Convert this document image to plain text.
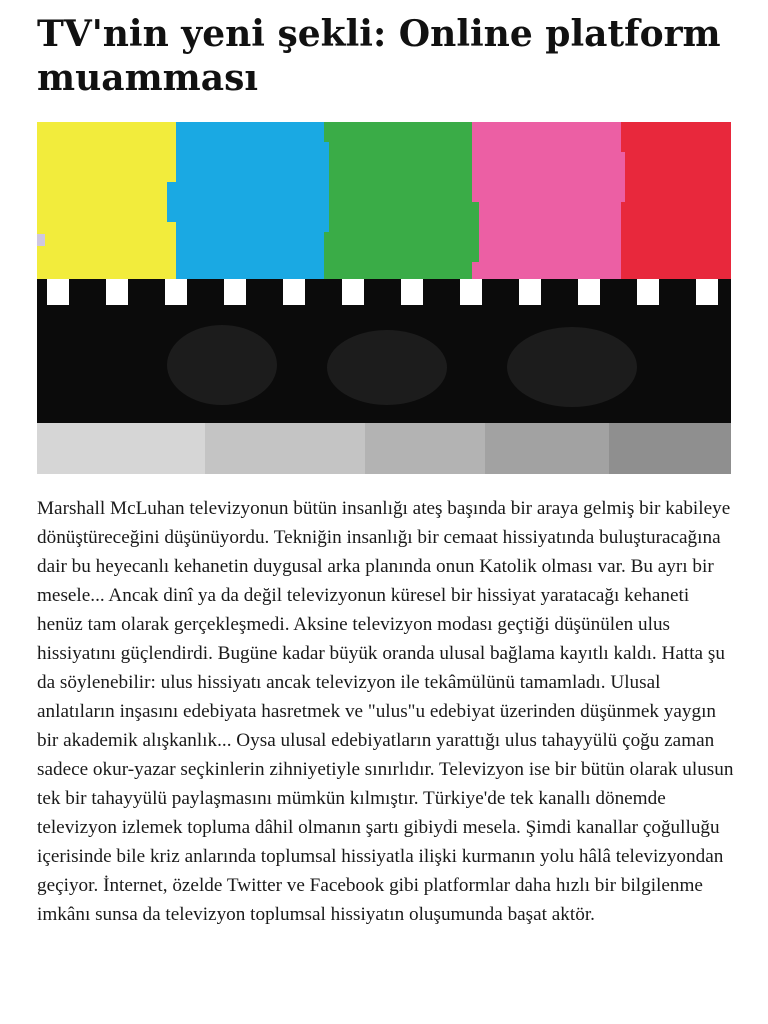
TV'nin yeni şekli: Online platform muamması

Marshall McLuhan televizyonun bütün insanlığı ateş başında bir araya gelmiş bir kabileye dönüştüreceğini düşünüyordu. Tekniğin insanlığı bir cemaat hissiyatında buluşturacağına dair bu heyecanlı kehanetin duygusal arka planında onun Katolik olması var. Bu ayrı bir mesele... Ancak dinî ya da değil televizyonun küresel bir hissiyat yaratacağı kehaneti henüz tam olarak gerçekleşmedi. Aksine televizyon modası geçtiği düşünülen ulus hissiyatını güçlendirdi. Bugüne kadar büyük oranda ulusal bağlama kayıtlı kaldı. Hatta şu da söylenebilir: ulus hissiyatı ancak televizyon ile tekâmülünü tamamladı. Ulusal anlatıların inşasını edebiyata hasretmek ve "ulus"u edebiyat üzerinden düşünmek yaygın bir akademik alışkanlık... Oysa ulusal edebiyatların yarattığı ulus tahayyülü çoğu zaman sadece okur-yazar seçkinlerin zihniyetiyle sınırlıdır. Televizyon ise bir bütün olarak ulusun tek bir tahayyülü paylaşmasını mümkün kılmıştır. Türkiye'de tek kanallı dönemde televizyon izlemek topluma dâhil olmanın şartı gibiydi mesela. Şimdi kanallar çoğulluğu içerisinde bile kriz anlarında toplumsal hissiyatla ilişki kurmanın yolu hâlâ televizyondan geçiyor. İnternet, özelde Twitter ve Facebook gibi platformlar daha hızlı bir bilgilenme imkânı sunsa da televizyon toplumsal hissiyatın oluşumunda başat aktör.
